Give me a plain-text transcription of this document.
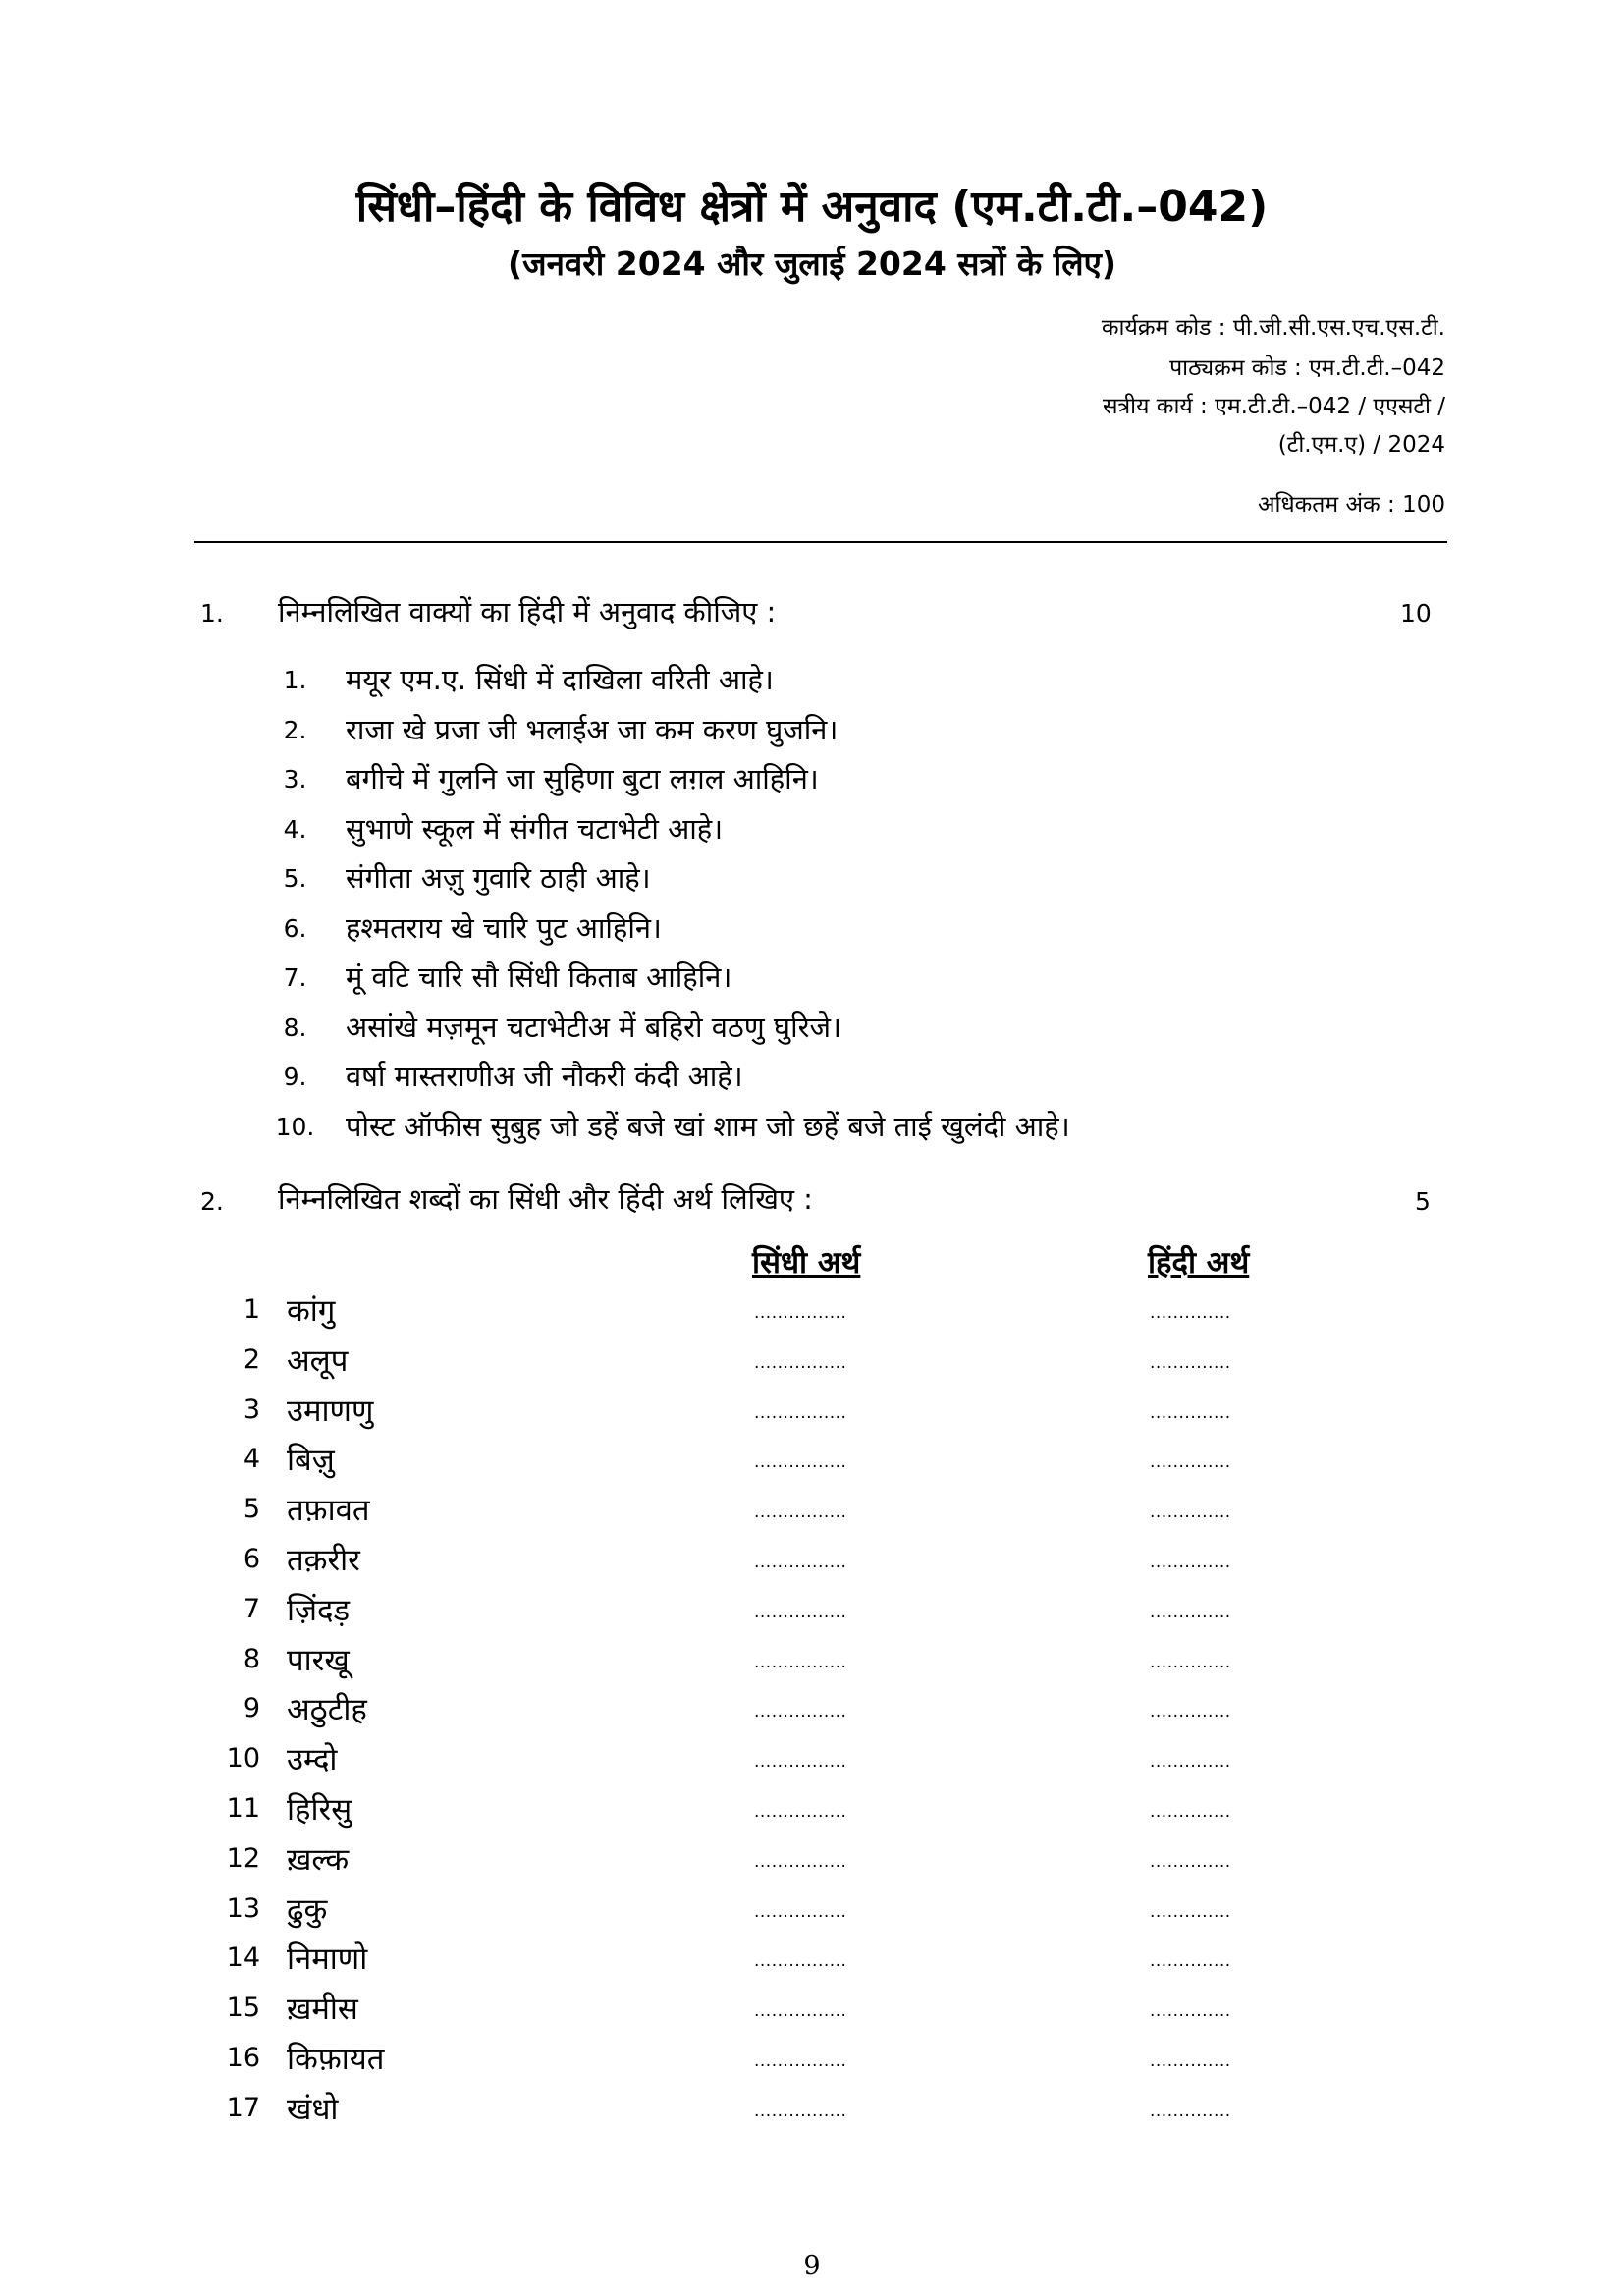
सिंधी–हिंदी के विविध क्षेत्रों में अनुवाद (एम.टी.टी.–042)
(जनवरी 2024 और जुलाई 2024 सत्रों के लिए)
कार्यक्रम कोड : पी.जी.सी.एस.एच.एस.टी.
पाठ्यक्रम कोड : एम.टी.टी.–042
सत्रीय कार्य : एम.टी.टी.–042 / एएसटी /
(टी.एम.ए) / 2024
अधिकतम अंक : 100
1. निम्नलिखित वाक्यों का हिंदी में अनुवाद कीजिए :	10
1.	मयूर एम.ए. सिंधी में दाखिला वरिती आहे।
2.	राजा खे प्रजा जी भलाईअ जा कम करण घुजनि।
3.	बगीचे में गुलनि जा सुहिणा बुटा लग़ल आहिनि।
4.	सुभाणे स्कूल में संगीत चटाभेटी आहे।
5.	संगीता अज़ु गुवारि ठाही आहे।
6.	हश्मतराय खे चारि पुट आहिनि।
7.	मूं वटि चारि सौ सिंधी किताब आहिनि।
8.	असांखे मज़मून चटाभेटीअ में बहिरो वठणु घुरिजे।
9.	वर्षा मास्तराणीअ जी नौकरी कंदी आहे।
10. पोस्ट ऑफीस सुबुह जो डहें बजे खां शाम जो छहें बजे ताई खुलंदी आहे।
2. निम्नलिखित शब्दों का सिंधी और हिंदी अर्थ लिखिए :	5
सिंधी अर्थ	हिंदी अर्थ
1 कांगु	................	..............
2 अलूप	................	..............
3 उमाणणु	................	..............
4 बिज़ु	................	..............
5 तफ़ावत	................	..............
6 तक़रीर	................	..............
7 ज़िंदड़	................	..............
8 पारखू	................	..............
9 अठुटीह	................	..............
10 उम्दो	................	..............
11 हिरिसु	................	..............
12 ख़ल्क	................	..............
13 ढुकु	................	..............
14 निमाणो	................	..............
15 ख़मीस	................	..............
16 किफ़ायत	................	..............
17 खंधो	................	..............
9
